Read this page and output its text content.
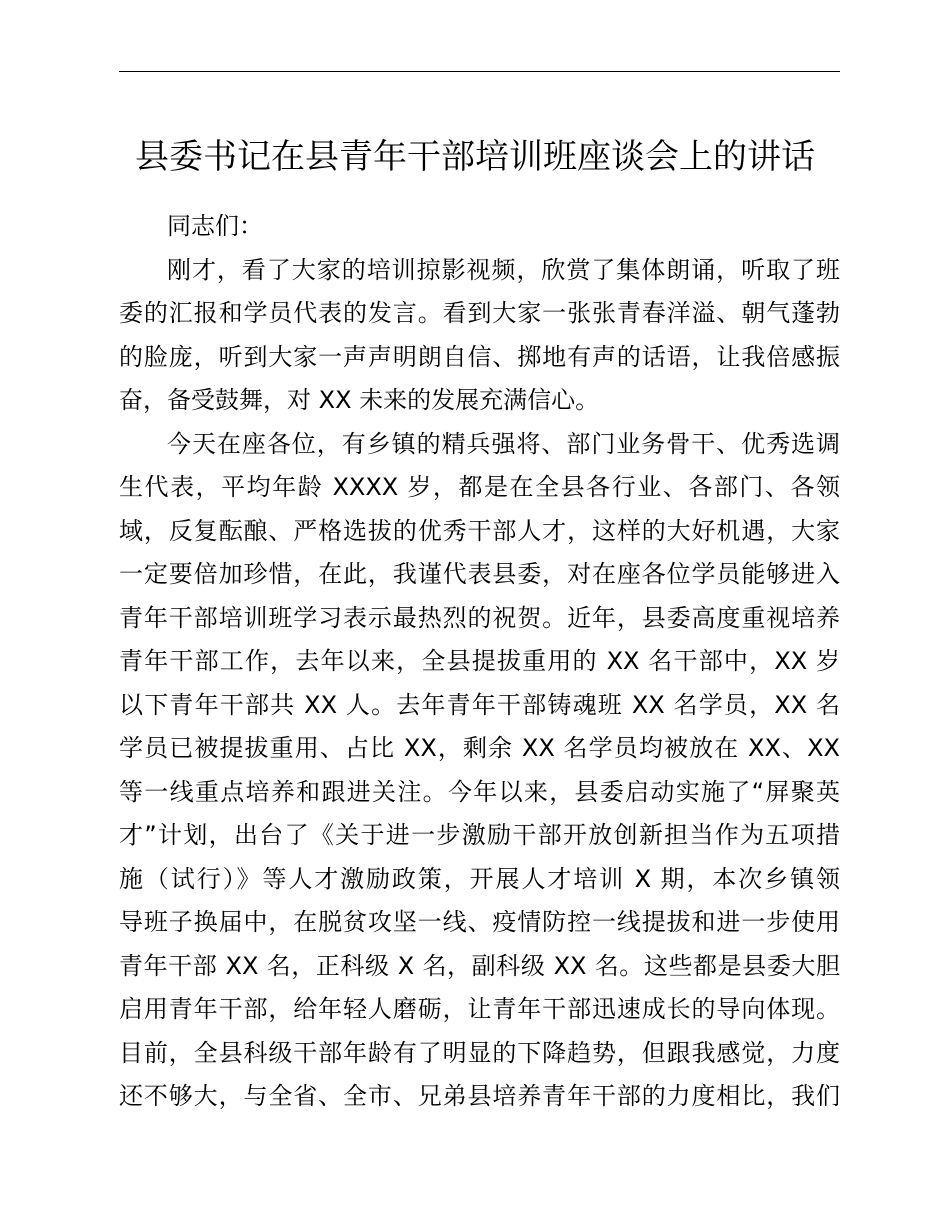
县委书记在县青年干部培训班座谈会上的讲话

同志们：

刚才，看了大家的培训掠影视频，欣赏了集体朗诵，听取了班
委的汇报和学员代表的发言。看到大家一张张青春洋溢、朝气蓬勃
的脸庞，听到大家一声声明朗自信、掷地有声的话语，让我倍感振
奋，备受鼓舞，对 XX 未来的发展充满信心。

今天在座各位，有乡镇的精兵强将、部门业务骨干、优秀选调
生代表，平均年龄 XXXX 岁，都是在全县各行业、各部门、各领
域，反复酝酿、严格选拔的优秀干部人才，这样的大好机遇，大家
一定要倍加珍惜，在此，我谨代表县委，对在座各位学员能够进入
青年干部培训班学习表示最热烈的祝贺。近年，县委高度重视培养
青年干部工作，去年以来，全县提拔重用的 XX 名干部中，XX 岁
以下青年干部共 XX 人。去年青年干部铸魂班 XX 名学员，XX 名
学员已被提拔重用、占比 XX，剩余 XX 名学员均被放在 XX、XX
等一线重点培养和跟进关注。今年以来，县委启动实施了“屏聚英
才”计划，出台了《关于进一步激励干部开放创新担当作为五项措
施（试行）》等人才激励政策，开展人才培训 X 期，本次乡镇领
导班子换届中，在脱贫攻坚一线、疫情防控一线提拔和进一步使用
青年干部 XX 名，正科级 X 名，副科级 XX 名。这些都是县委大胆
启用青年干部，给年轻人磨砺，让青年干部迅速成长的导向体现。
目前，全县科级干部年龄有了明显的下降趋势，但跟我感觉，力度
还不够大，与全省、全市、兄弟县培养青年干部的力度相比，我们
